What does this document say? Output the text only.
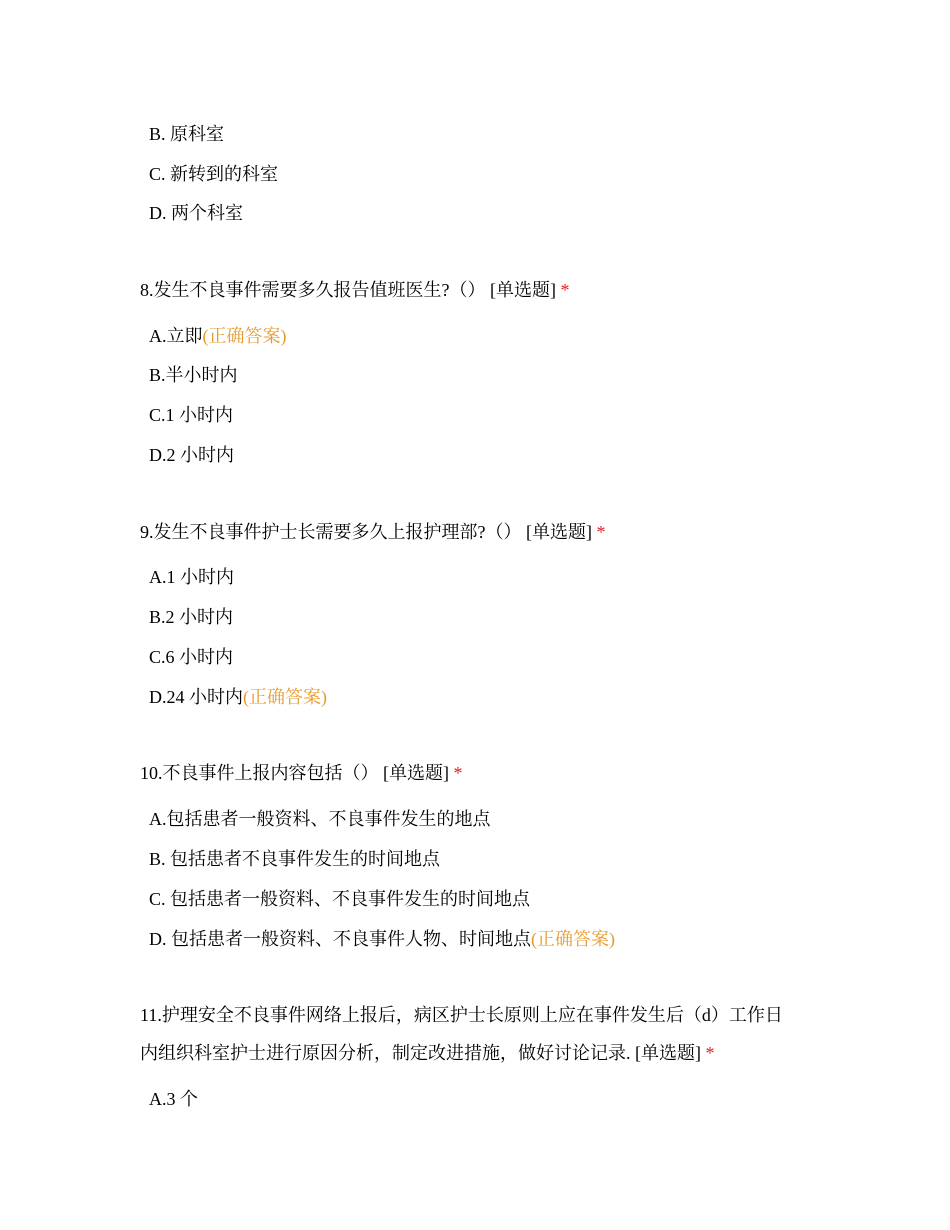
B. 原科室
C. 新转到的科室
D. 两个科室
8.发生不良事件需要多久报告值班医生?（） [单选题] *
A.立即(正确答案)
B.半小时内
C.1 小时内
D.2 小时内
9.发生不良事件护士长需要多久上报护理部?（） [单选题] *
A.1 小时内
B.2 小时内
C.6 小时内
D.24 小时内(正确答案)
10.不良事件上报内容包括（） [单选题] *
A.包括患者一般资料、不良事件发生的地点
B. 包括患者不良事件发生的时间地点
C. 包括患者一般资料、不良事件发生的时间地点
D. 包括患者一般资料、不良事件人物、时间地点(正确答案)
11.护理安全不良事件网络上报后，病区护士长原则上应在事件发生后（d）工作日
内组织科室护士进行原因分析，制定改进措施，做好讨论记录. [单选题] *
A.3 个
